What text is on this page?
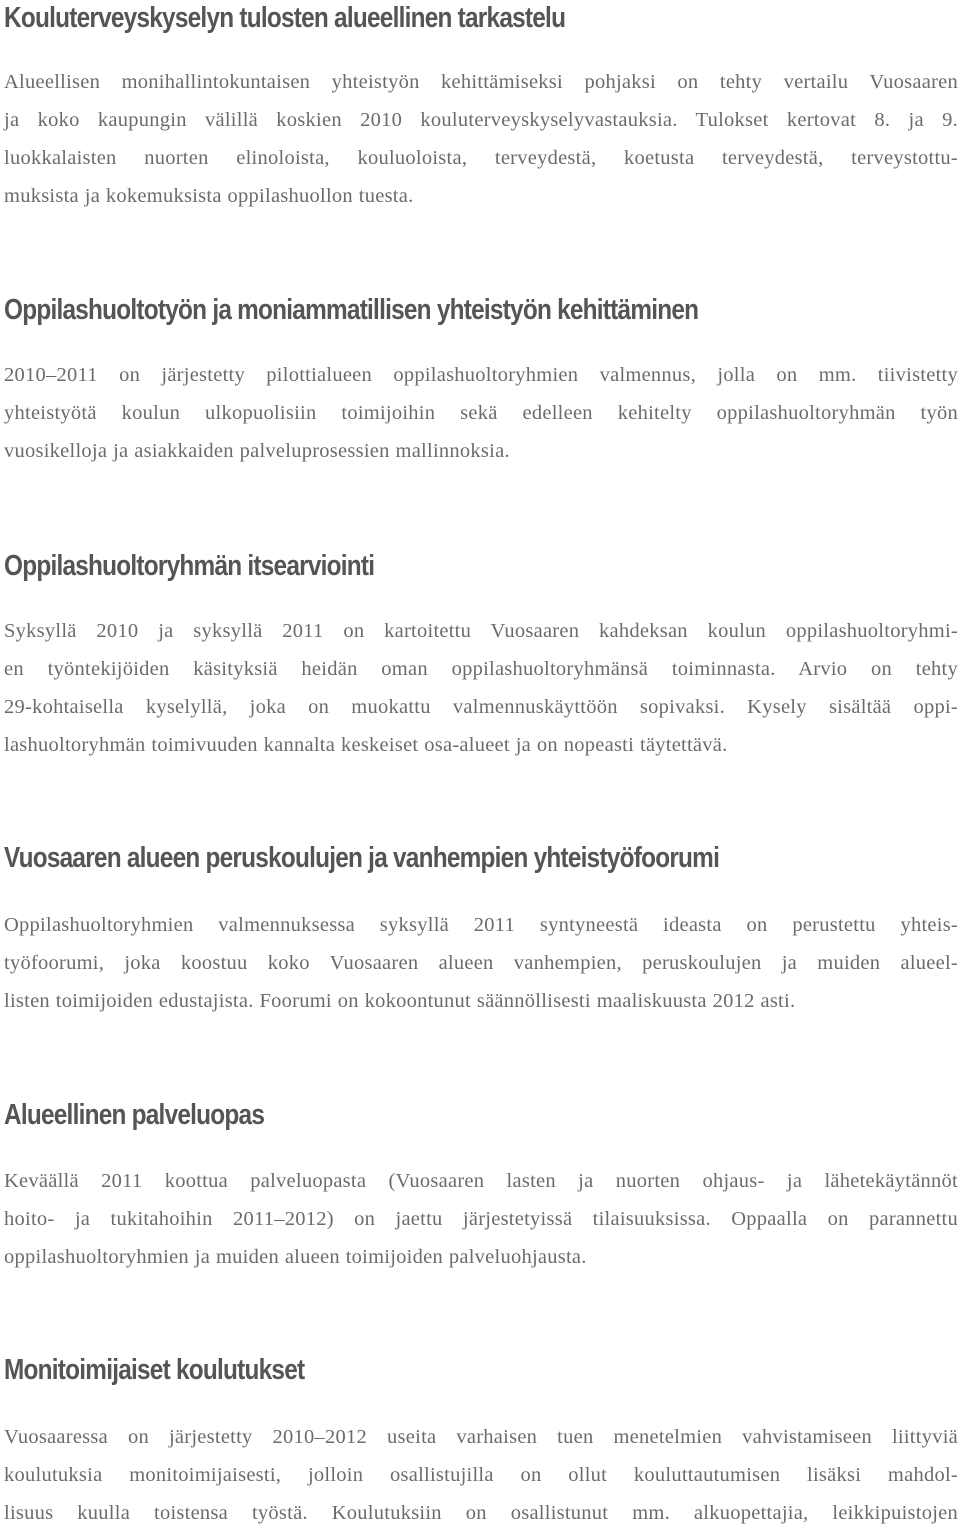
Kouluterveyskyselyn tulosten alueellinen tarkastelu
Alueellisen monihallintokuntaisen yhteistyön kehittämiseksi pohjaksi on tehty vertailu Vuosaaren
ja koko kaupungin välillä koskien 2010 kouluterveyskyselyvastauksia. Tulokset kertovat 8. ja 9.
luokkalaisten nuorten elinoloista, kouluoloista, terveydestä, koetusta terveydestä, terveystottu-
muksista ja kokemuksista oppilashuollon tuesta.
Oppilashuoltotyön ja moniammatillisen yhteistyön kehittäminen
2010–2011 on järjestetty pilottialueen oppilashuoltoryhmien valmennus, jolla on mm. tiivistetty
yhteistyötä koulun ulkopuolisiin toimijoihin sekä edelleen kehitelty oppilashuoltoryhmän työn
vuosikelloja ja asiakkaiden palveluprosessien mallinnoksia.
Oppilashuoltoryhmän itsearviointi
Syksyllä 2010 ja syksyllä 2011 on kartoitettu Vuosaaren kahdeksan koulun oppilashuoltoryhmi-
en työntekijöiden käsityksiä heidän oman oppilashuoltoryhmänsä toiminnasta. Arvio on tehty
29-kohtaisella kyselyllä, joka on muokattu valmennuskäyttöön sopivaksi. Kysely sisältää oppi-
lashuoltoryhmän toimivuuden kannalta keskeiset osa-alueet ja on nopeasti täytettävä.
Vuosaaren alueen peruskoulujen ja vanhempien yhteistyöfoorumi
Oppilashuoltoryhmien valmennuksessa syksyllä 2011 syntyneestä ideasta on perustettu yhteis-
työfoorumi, joka koostuu koko Vuosaaren alueen vanhempien, peruskoulujen ja muiden alueel-
listen toimijoiden edustajista. Foorumi on kokoontunut säännöllisesti maaliskuusta 2012 asti.
Alueellinen palveluopas
Keväällä 2011 koottua palveluopasta (Vuosaaren lasten ja nuorten ohjaus- ja lähetekäytännöt
hoito- ja tukitahoihin 2011–2012) on jaettu järjestetyissä tilaisuuksissa. Oppaalla on parannettu
oppilashuoltoryhmien ja muiden alueen toimijoiden palveluohjausta.
Monitoimijaiset koulutukset
Vuosaaressa on järjestetty 2010–2012 useita varhaisen tuen menetelmien vahvistamiseen liittyviä
koulutuksia monitoimijaisesti, jolloin osallistujilla on ollut kouluttautumisen lisäksi mahdol-
lisuus kuulla toistensa työstä. Koulutuksiin on osallistunut mm. alkuopettajia, leikkipuistojen
